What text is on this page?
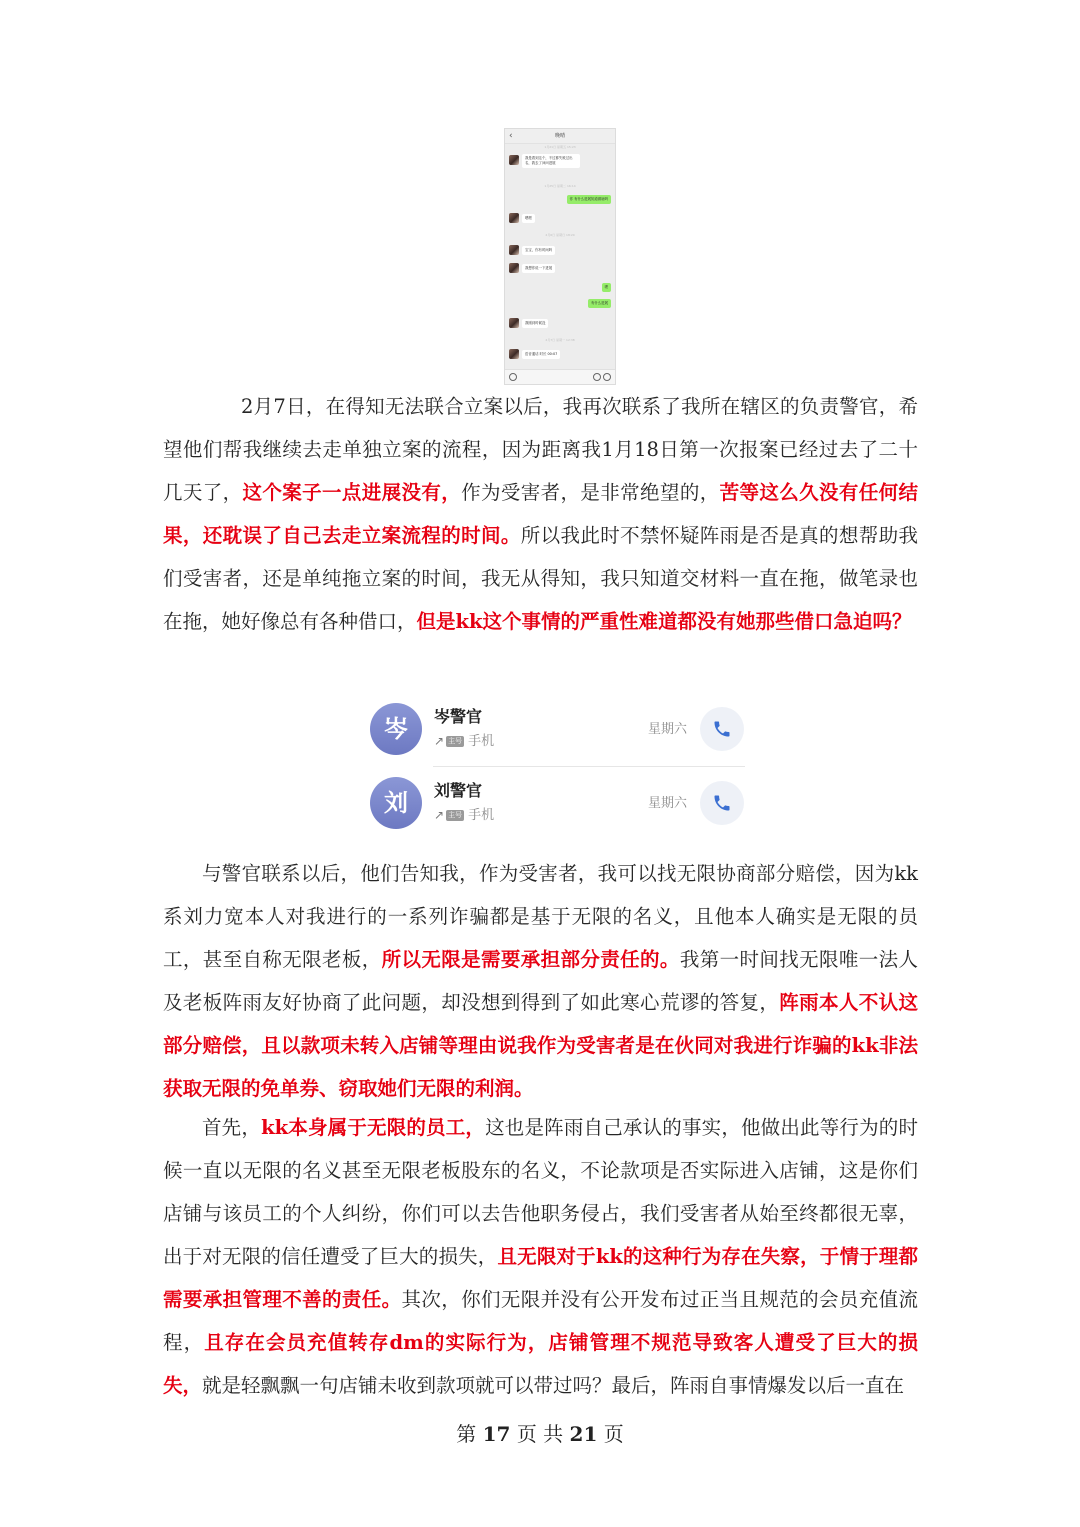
‹	晚晴
1月21日 星期五 15:23
我是看到这个，不过都失败过出名，我去了问问进展
1月25日 星期二 16:14
你 有什么进展知道做啥吗
嗯嗯
2月6日 星期日 18:20
宝宝，你有时间吗
我想你说一下进展
嗯
有什么进展
我刚到时候没
2月7日 星期一 12:38
语音通话 时长 00:07

2月7日，在得知无法联合立案以后，我再次联系了我所在辖区的负责警官，希望他们帮我继续去走单独立案的流程，因为距离我1月18日第一次报案已经过去了二十几天了，这个案子一点进展没有，作为受害者，是非常绝望的，苦等这么久没有任何结果，还耽误了自己去走立案流程的时间。所以我此时不禁怀疑阵雨是否是真的想帮助我们受害者，还是单纯拖立案的时间，我无从得知，我只知道交材料一直在拖，做笔录也在拖，她好像总有各种借口，但是kk这个事情的严重性难道都没有她那些借口急迫吗？

岑	岑警官
↗ 主号 手机
星期六
刘	刘警官
↗ 主号 手机
星期六

与警官联系以后，他们告知我，作为受害者，我可以找无限协商部分赔偿，因为kk系刘力宽本人对我进行的一系列诈骗都是基于无限的名义，且他本人确实是无限的员工，甚至自称无限老板，所以无限是需要承担部分责任的。我第一时间找无限唯一法人及老板阵雨友好协商了此问题，却没想到得到了如此寒心荒谬的答复，阵雨本人不认这部分赔偿，且以款项未转入店铺等理由说我作为受害者是在伙同对我进行诈骗的kk非法获取无限的免单券、窃取她们无限的利润。

首先，kk本身属于无限的员工，这也是阵雨自己承认的事实，他做出此等行为的时候一直以无限的名义甚至无限老板股东的名义，不论款项是否实际进入店铺，这是你们店铺与该员工的个人纠纷，你们可以去告他职务侵占，我们受害者从始至终都很无辜，出于对无限的信任遭受了巨大的损失，且无限对于kk的这种行为存在失察，于情于理都需要承担管理不善的责任。其次，你们无限并没有公开发布过正当且规范的会员充值流程，且存在会员充值转存dm的实际行为，店铺管理不规范导致客人遭受了巨大的损失，就是轻飘飘一句店铺未收到款项就可以带过吗？最后，阵雨自事情爆发以后一直在

第 17 页 共 21 页
